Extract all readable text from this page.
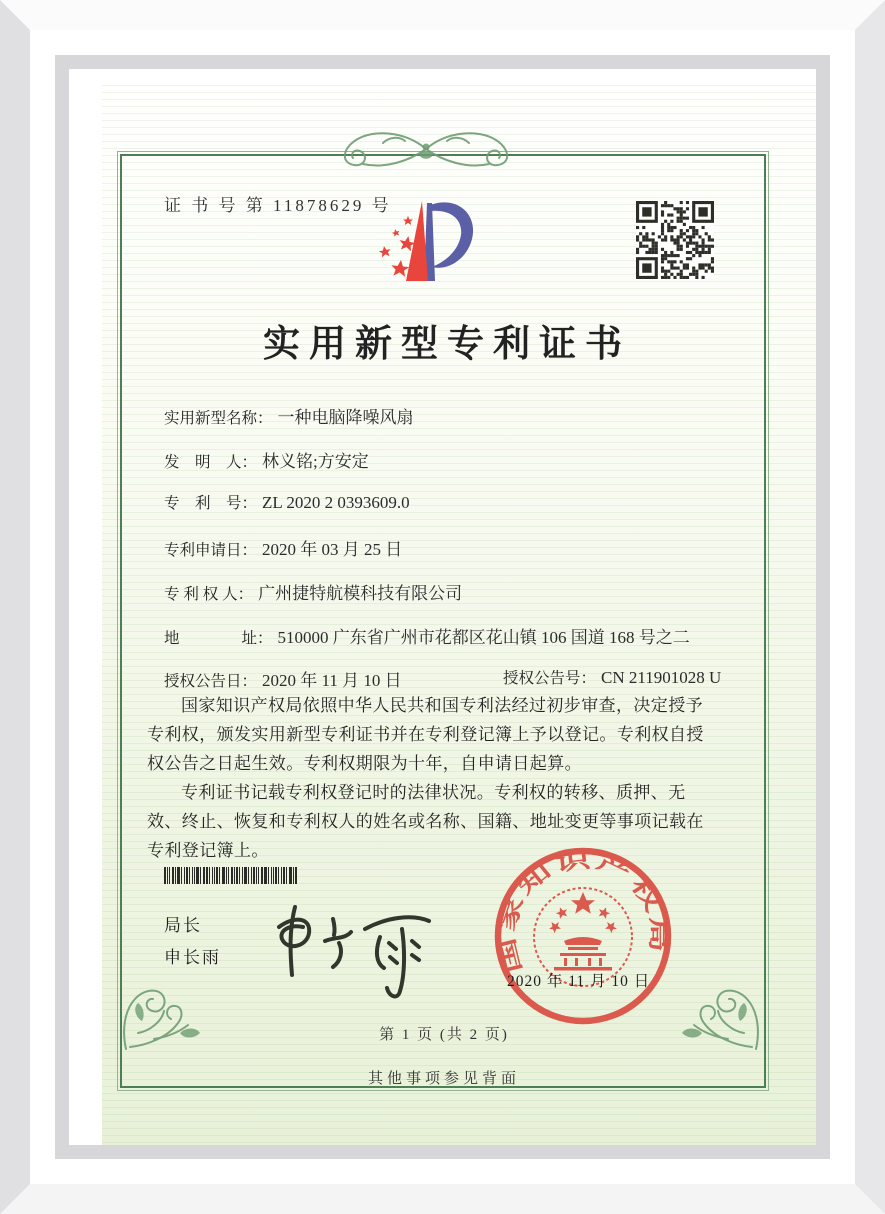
证 书 号 第 11878629 号
实用新型专利证书
实用新型名称： 一种电脑降噪风扇
发　明　人： 林义铭;方安定
专　利　号： ZL 2020 2 0393609.0
专利申请日： 2020 年 03 月 25 日
专 利 权 人： 广州捷特航模科技有限公司
地　　　　址： 510000 广东省广州市花都区花山镇 106 国道 168 号之二
授权公告日： 2020 年 11 月 10 日	授权公告号： CN 211901028 U

国家知识产权局依照中华人民共和国专利法经过初步审查，决定授予专利权，颁发实用新型专利证书并在专利登记簿上予以登记。专利权自授权公告之日起生效。专利权期限为十年，自申请日起算。

专利证书记载专利权登记时的法律状况。专利权的转移、质押、无效、终止、恢复和专利权人的姓名或名称、国籍、地址变更等事项记载在专利登记簿上。

局长
申长雨	国家知识产权局
2020 年 11 月 10 日
第 1 页 (共 2 页)
其他事项参见背面
